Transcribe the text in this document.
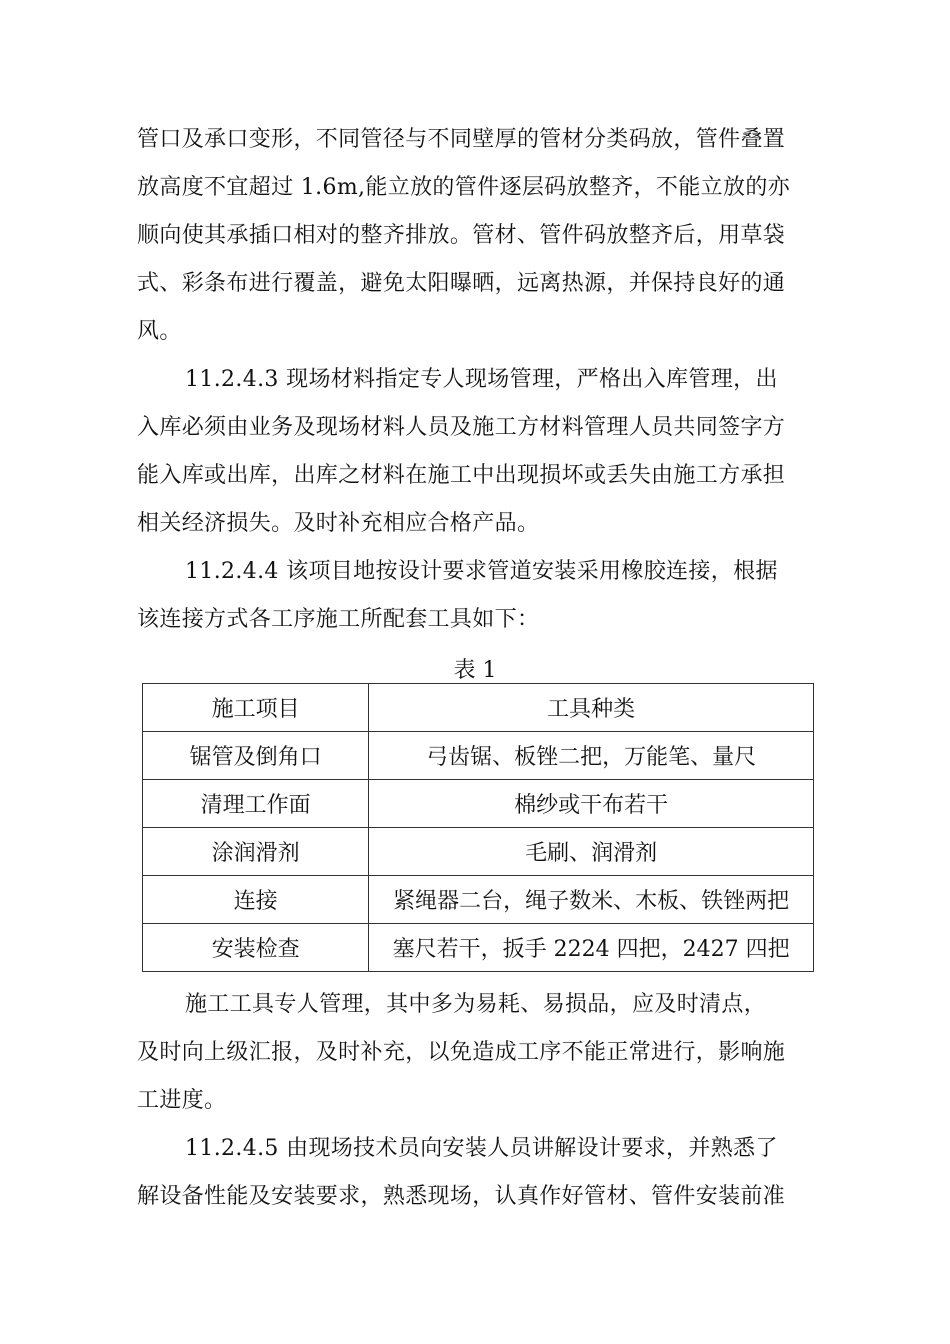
管口及承口变形，不同管径与不同壁厚的管材分类码放，管件叠置
放高度不宜超过 1.6m,能立放的管件逐层码放整齐，不能立放的亦
顺向使其承插口相对的整齐排放。管材、管件码放整齐后，用草袋
式、彩条布进行覆盖，避免太阳曝晒，远离热源，并保持良好的通
风。
11.2.4.3 现场材料指定专人现场管理，严格出入库管理，出
入库必须由业务及现场材料人员及施工方材料管理人员共同签字方
能入库或出库，出库之材料在施工中出现损坏或丢失由施工方承担
相关经济损失。及时补充相应合格产品。
11.2.4.4 该项目地按设计要求管道安装采用橡胶连接，根据
该连接方式各工序施工所配套工具如下：
表 1
施工项目	工具种类
锯管及倒角口	弓齿锯、板锉二把，万能笔、量尺
清理工作面	棉纱或干布若干
涂润滑剂	毛刷、润滑剂
连接	紧绳器二台，绳子数米、木板、铁锉两把
安装检查	塞尺若干，扳手 2224 四把，2427 四把
施工工具专人管理，其中多为易耗、易损品，应及时清点，
及时向上级汇报，及时补充，以免造成工序不能正常进行，影响施
工进度。
11.2.4.5 由现场技术员向安装人员讲解设计要求，并熟悉了
解设备性能及安装要求，熟悉现场，认真作好管材、管件安装前准
